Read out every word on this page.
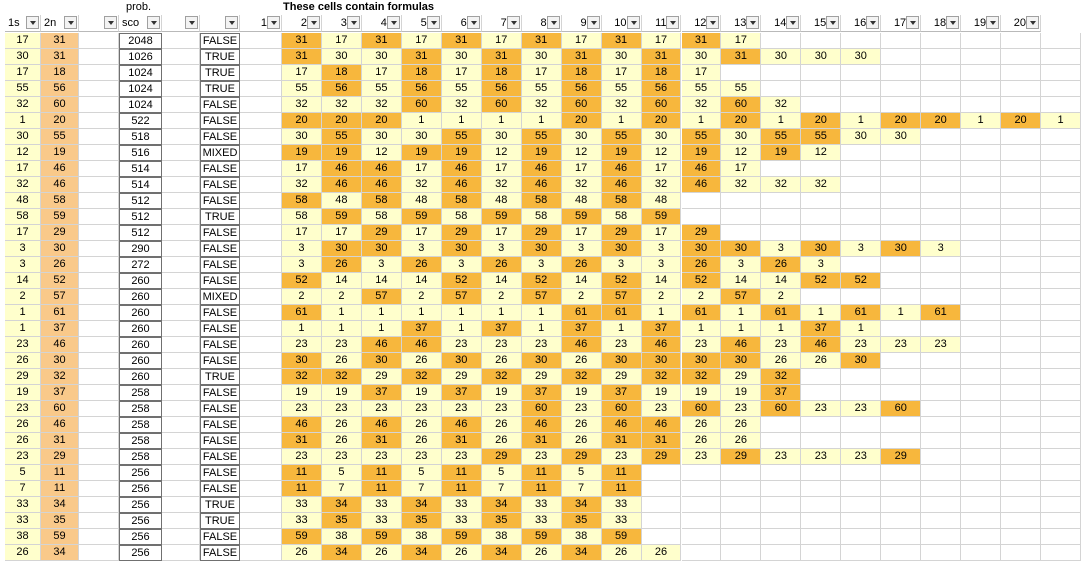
prob.	These cells contain formulas
1s 2n	sco	1	2	3	4	5	6	7	8	9	10	11	12	13	14	15	16	17	18	19	20
17	31	2048	FALSE	31	17	31	17	31	17	31	17	31	17	31	17
30	31	1026	TRUE	31	30	30	31	30	31	30	31	30	31	30	31	30	30	30
17	18	1024	TRUE	17	18	17	18	17	18	17	18	17	18	17
55	56	1024	TRUE	55	56	55	56	55	56	55	56	55	56	55	55
32	60	1024	FALSE	32	32	32	60	32	60	32	60	32	60	32	60	32
1	20	522	FALSE	20	20	20	1	1	1	1	20	1	20	1	20	1	20	1	20	20	1	20	1
30	55	518	FALSE	30	55	30	30	55	30	55	30	55	30	55	30	55	55	30	30
12	19	516	MIXED	19	19	12	19	19	12	19	12	19	12	19	12	19	12
17	46	514	FALSE	17	46	46	17	46	17	46	17	46	17	46	17
32	46	514	FALSE	32	46	46	32	46	32	46	32	46	32	46	32	32	32
48	58	512	FALSE	58	48	58	48	58	48	58	48	58	48
58	59	512	TRUE	58	59	58	59	58	59	58	59	58	59
17	29	512	FALSE	17	17	29	17	29	17	29	17	29	17	29
3	30	290	FALSE	3	30	30	3	30	3	30	3	30	3	30	30	3	30	3	30	3
3	26	272	FALSE	3	26	3	26	3	26	3	26	3	3	26	3	26	3
14	52	260	FALSE	52	14	14	14	52	14	52	14	52	14	52	14	14	52	52
2	57	260	MIXED	2	2	57	2	57	2	57	2	57	2	2	57	2
1	61	260	FALSE	61	1	1	1	1	1	1	61	61	1	61	1	61	1	61	1	61
1	37	260	FALSE	1	1	1	37	1	37	1	37	1	37	1	1	1	37	1
23	46	260	FALSE	23	23	46	46	23	23	23	46	23	46	23	46	23	46	23	23	23
26	30	260	FALSE	30	26	30	26	30	26	30	26	30	30	30	30	26	26	30
29	32	260	TRUE	32	32	29	32	29	32	29	32	29	32	32	29	32
19	37	258	FALSE	19	19	37	19	37	19	37	19	37	19	19	19	37
23	60	258	FALSE	23	23	23	23	23	23	60	23	60	23	60	23	60	23	23	60
26	46	258	FALSE	46	26	46	26	46	26	46	26	46	46	26	26
26	31	258	FALSE	31	26	31	26	31	26	31	26	31	31	26	26
23	29	258	FALSE	23	23	23	23	23	29	23	29	23	29	23	29	23	23	23	29
5	11	256	FALSE	11	5	11	5	11	5	11	5	11
7	11	256	FALSE	11	7	11	7	11	7	11	7	11
33	34	256	TRUE	33	34	33	34	33	34	33	34	33
33	35	256	TRUE	33	35	33	35	33	35	33	35	33
38	59	256	FALSE	59	38	59	38	59	38	59	38	59
26	34	256	FALSE	26	34	26	34	26	34	26	34	26	26
